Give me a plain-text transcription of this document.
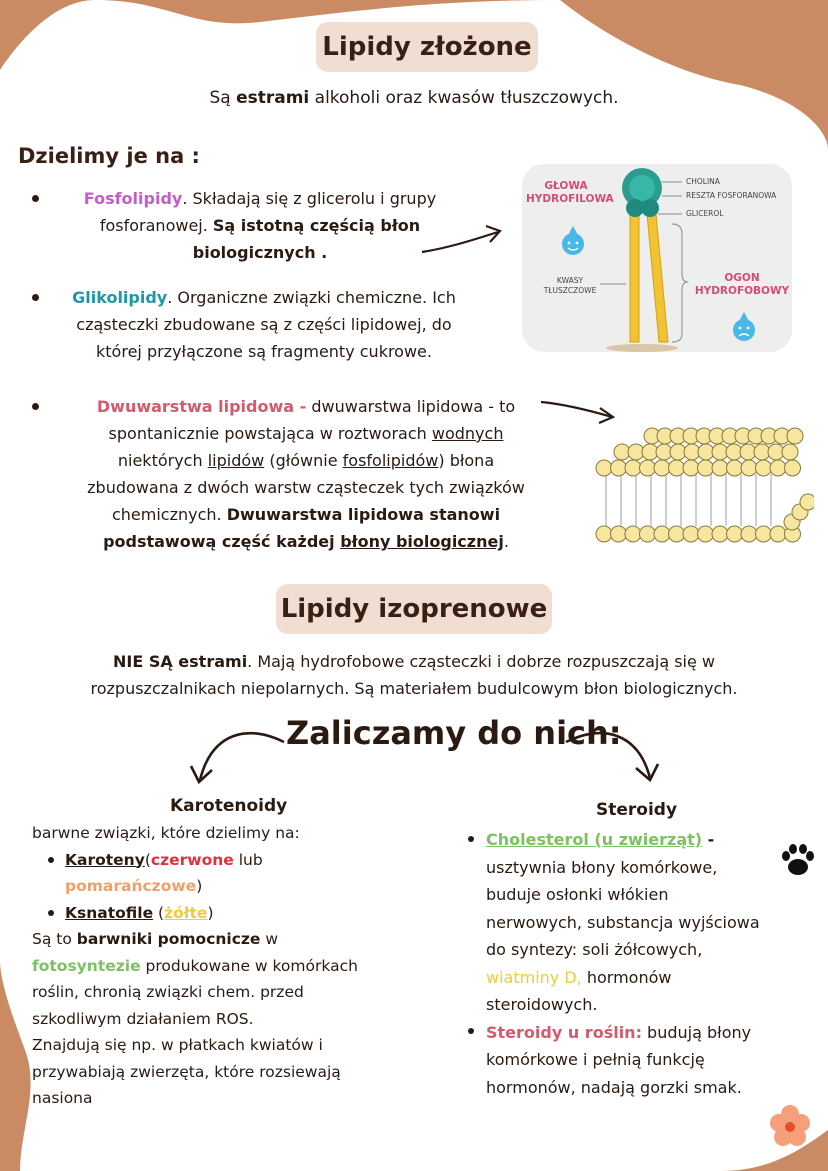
Lipidy złożone
Są estrami alkoholi oraz kwasów tłuszczowych.
Dzielimy je na :
Fosfolipidy. Składają się z glicerolu i grupy
fosforanowej. Są istotną częścią błon
biologicznych .
Glikolipidy. Organiczne związki chemiczne. Ich
cząsteczki zbudowane są z części lipidowej, do
której przyłączone są fragmenty cukrowe.
Dwuwarstwa lipidowa - dwuwarstwa lipidowa - to
spontanicznie powstająca w roztworach wodnych
niektórych lipidów (głównie fosfolipidów) błona
zbudowana z dwóch warstw cząsteczek tych związków
chemicznych. Dwuwarstwa lipidowa stanowi
podstawową część każdej błony biologicznej.
GŁOWA
HYDROFILOWA
CHOLINA
RESZTA FOSFORANOWA
GLICEROL
KWASY
TŁUSZCZOWE
OGON
HYDROFOBOWY
Lipidy izoprenowe
NIE SĄ estrami. Mają hydrofobowe cząsteczki i dobrze rozpuszczają się w
rozpuszczalnikach niepolarnych. Są materiałem budulcowym błon biologicznych.
Zaliczamy do nich:
Karotenoidy
barwne związki, które dzielimy na:
Karoteny(czerwone lub
pomarańczowe)
Ksnatofile (żółte)
Są to barwniki pomocnicze w
fotosyntezie produkowane w komórkach
roślin, chronią związki chem. przed
szkodliwym działaniem ROS.
Znajdują się np. w płatkach kwiatów i
przywabiają zwierzęta, które rozsiewają
nasiona
Steroidy
Cholesterol (u zwierząt) -
usztywnia błony komórkowe,
buduje osłonki włókien
nerwowych, substancja wyjściowa
do syntezy: soli żółcowych,
wiatminy D, hormonów
steroidowych.
Steroidy u roślin: budują błony
komórkowe i pełnią funkcję
hormonów, nadają gorzki smak.
